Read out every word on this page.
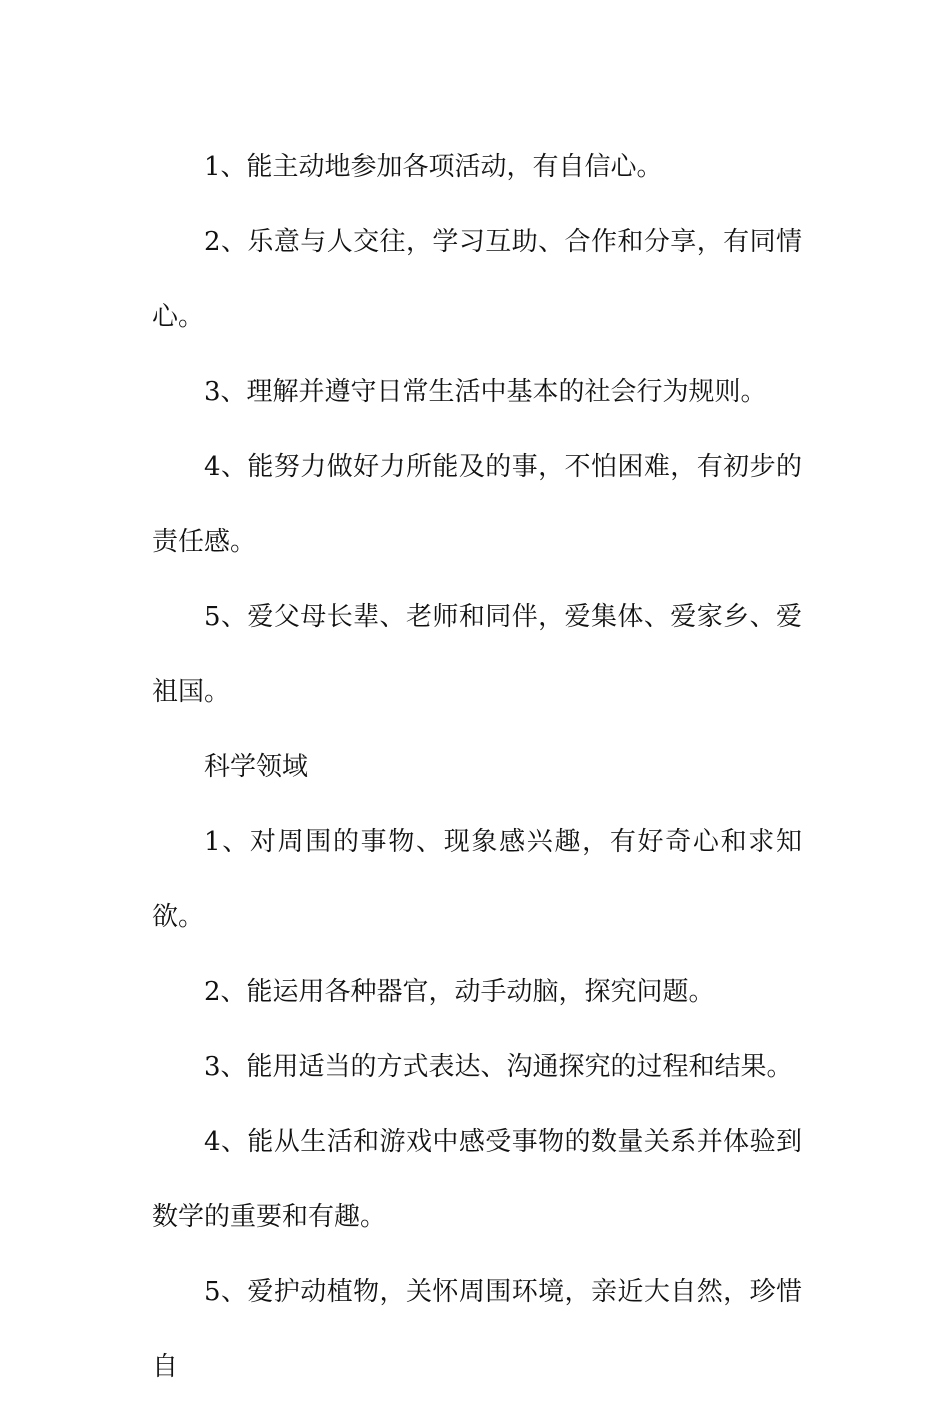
1、能主动地参加各项活动，有自信心。

2、乐意与人交往，学习互助、合作和分享，有同情心。

3、理解并遵守日常生活中基本的社会行为规则。

4、能努力做好力所能及的事，不怕困难，有初步的责任感。

5、爱父母长辈、老师和同伴，爱集体、爱家乡、爱祖国。

科学领域

1、对周围的事物、现象感兴趣，有好奇心和求知欲。

2、能运用各种器官，动手动脑，探究问题。

3、能用适当的方式表达、沟通探究的过程和结果。

4、能从生活和游戏中感受事物的数量关系并体验到数学的重要和有趣。

5、爱护动植物，关怀周围环境，亲近大自然，珍惜自
